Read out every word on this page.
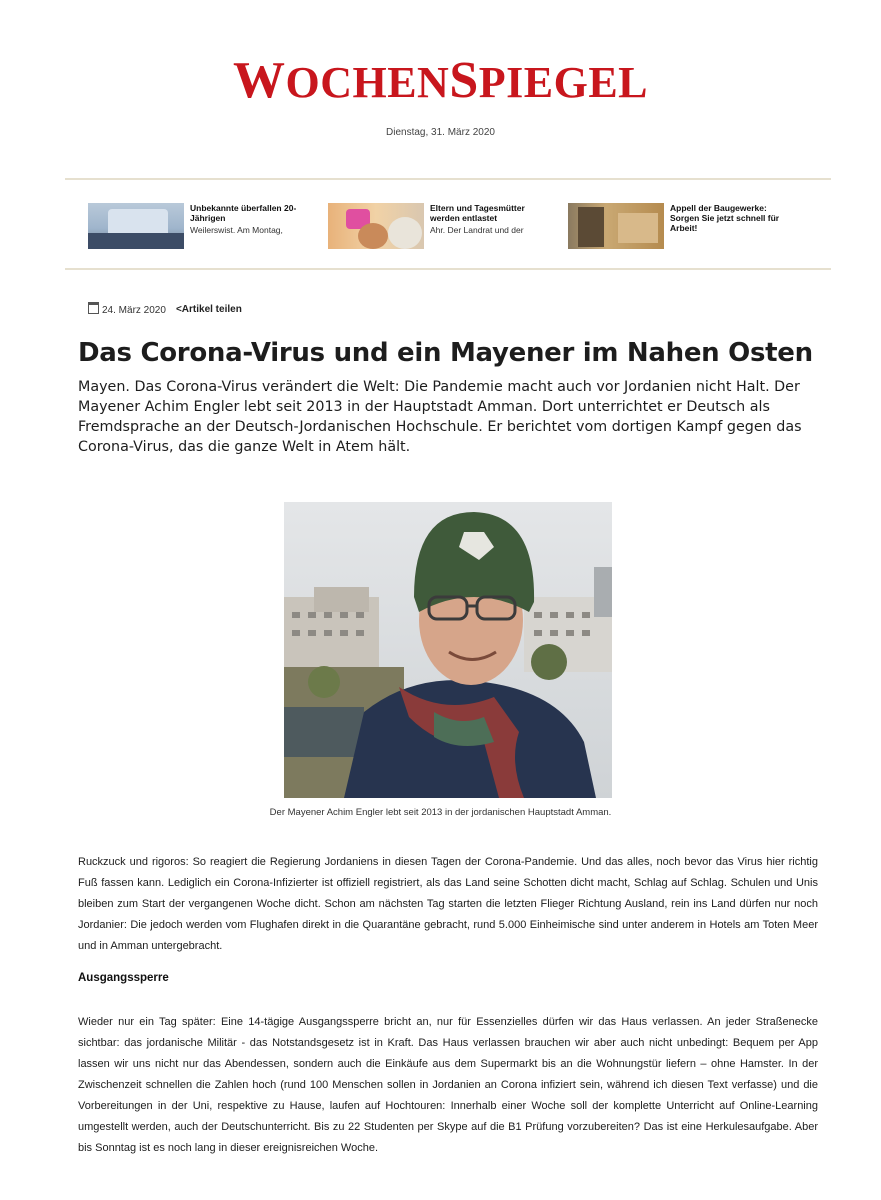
WOCHENSPIEGEL
Dienstag, 31. März 2020
Unbekannte überfallen 20-Jährigen
Weilerswist. Am Montag,
Eltern und Tagesmütter werden entlastet
Ahr. Der Landrat und der
Appell der Baugewerke: Sorgen Sie jetzt schnell für Arbeit!
24. März 2020 <Artikel teilen
Das Corona-Virus und ein Mayener im Nahen Osten

Mayen. Das Corona-Virus verändert die Welt: Die Pandemie macht auch vor Jordanien nicht Halt. Der Mayener Achim Engler lebt seit 2013 in der Hauptstadt Amman. Dort unterrichtet er Deutsch als Fremdsprache an der Deutsch-Jordanischen Hochschule. Er berichtet vom dortigen Kampf gegen das Corona-Virus, das die ganze Welt in Atem hält.

Der Mayener Achim Engler lebt seit 2013 in der jordanischen Hauptstadt Amman.

Ruckzuck und rigoros: So reagiert die Regierung Jordaniens in diesen Tagen der Corona-Pandemie. Und das alles, noch bevor das Virus hier richtig Fuß fassen kann. Lediglich ein Corona-Infizierter ist offiziell registriert, als das Land seine Schotten dicht macht, Schlag auf Schlag. Schulen und Unis bleiben zum Start der vergangenen Woche dicht. Schon am nächsten Tag starten die letzten Flieger Richtung Ausland, rein ins Land dürfen nur noch Jordanier: Die jedoch werden vom Flughafen direkt in die Quarantäne gebracht, rund 5.000 Einheimische sind unter anderem in Hotels am Toten Meer und in Amman untergebracht.

Ausgangssperre

Wieder nur ein Tag später: Eine 14-tägige Ausgangssperre bricht an, nur für Essenzielles dürfen wir das Haus verlassen. An jeder Straßenecke sichtbar: das jordanische Militär - das Notstandsgesetz ist in Kraft. Das Haus verlassen brauchen wir aber auch nicht unbedingt: Bequem per App lassen wir uns nicht nur das Abendessen, sondern auch die Einkäufe aus dem Supermarkt bis an die Wohnungstür liefern – ohne Hamster. In der Zwischenzeit schnellen die Zahlen hoch (rund 100 Menschen sollen in Jordanien an Corona infiziert sein, während ich diesen Text verfasse) und die Vorbereitungen in der Uni, respektive zu Hause, laufen auf Hochtouren: Innerhalb einer Woche soll der komplette Unterricht auf Online-Learning umgestellt werden, auch der Deutschunterricht. Bis zu 22 Studenten per Skype auf die B1 Prüfung vorzubereiten? Das ist eine Herkulesaufgabe. Aber bis Sonntag ist es noch lang in dieser ereignisreichen Woche.
